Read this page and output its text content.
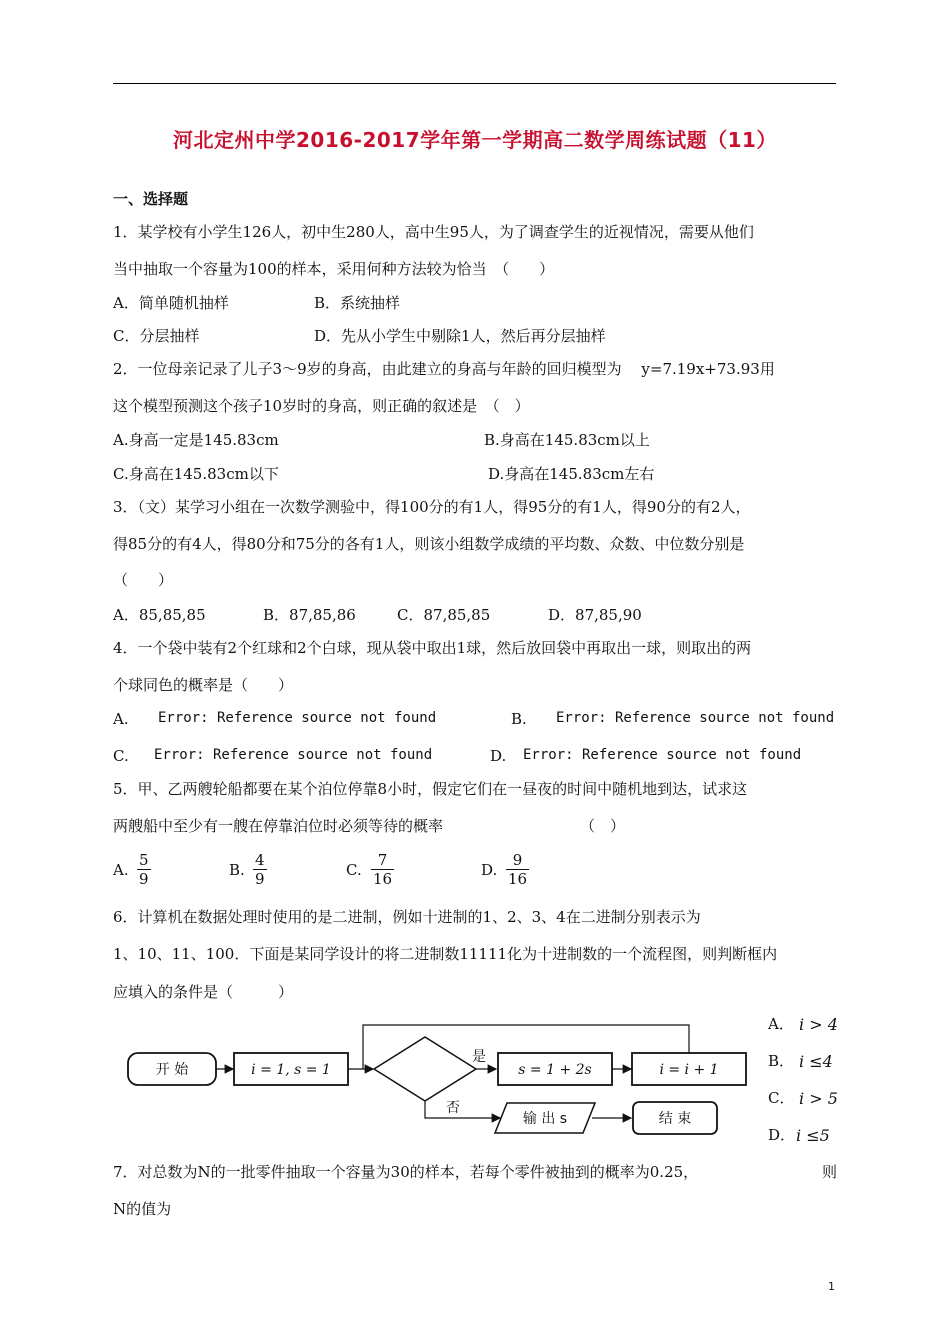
河北定州中学2016-2017学年第一学期高二数学周练试题（11）
一、选择题
1．某学校有小学生126人，初中生280人，高中生95人，为了调查学生的近视情况，需要从他们
当中抽取一个容量为100的样本，采用何种方法较为恰当　（　　）
A．简单随机抽样	B．系统抽样
C．分层抽样	D．先从小学生中剔除1人，然后再分层抽样
2．一位母亲记录了儿子3～9岁的身高，由此建立的身高与年龄的回归模型为　 y=7.19x+73.93用
这个模型预测这个孩子10岁时的身高，则正确的叙述是　（　）
A.身高一定是145.83cm	B.身高在145.83cm以上
C.身高在145.83cm以下	D.身高在145.83cm左右
3．（文）某学习小组在一次数学测验中，得100分的有1人，得95分的有1人，得90分的有2人，
得85分的有4人，得80分和75分的各有1人，则该小组数学成绩的平均数、众数、中位数分别是
（　　）
A．85,85,85	B．87,85,86	C．87,85,85	D．87,85,90
4．一个袋中装有2个红球和2个白球，现从袋中取出1球，然后放回袋中再取出一球，则取出的两
个球同色的概率是（　　）
A. Error: Reference source not found	B. Error: Reference source not found
C. Error: Reference source not found	D. Error: Reference source not found
5．甲、乙两艘轮船都要在某个泊位停靠8小时，假定它们在一昼夜的时间中随机地到达，试求这
两艘船中至少有一艘在停靠泊位时必须等待的概率	（　）
A. $\frac{5}{9}$	B. $\frac{4}{9}$	C. $\frac{7}{16}$	D. $\frac{9}{16}$
6．计算机在数据处理时使用的是二进制，例如十进制的1、2、3、4在二进制分别表示为
1、10、11、100．下面是某同学设计的将二进制数11111化为十进制数的一个流程图，则判断框内
应填入的条件是（　　　）
A． i > 4
B． i ≤4
C． i > 5
D． i ≤5
开 始	i = 1, s = 1
是
s = 1 + 2s	i = i + 1
否
输 出 s	结 束
7．对总数为N的一批零件抽取一个容量为30的样本，若每个零件被抽到的概率为0.25，	则
N的值为
1
